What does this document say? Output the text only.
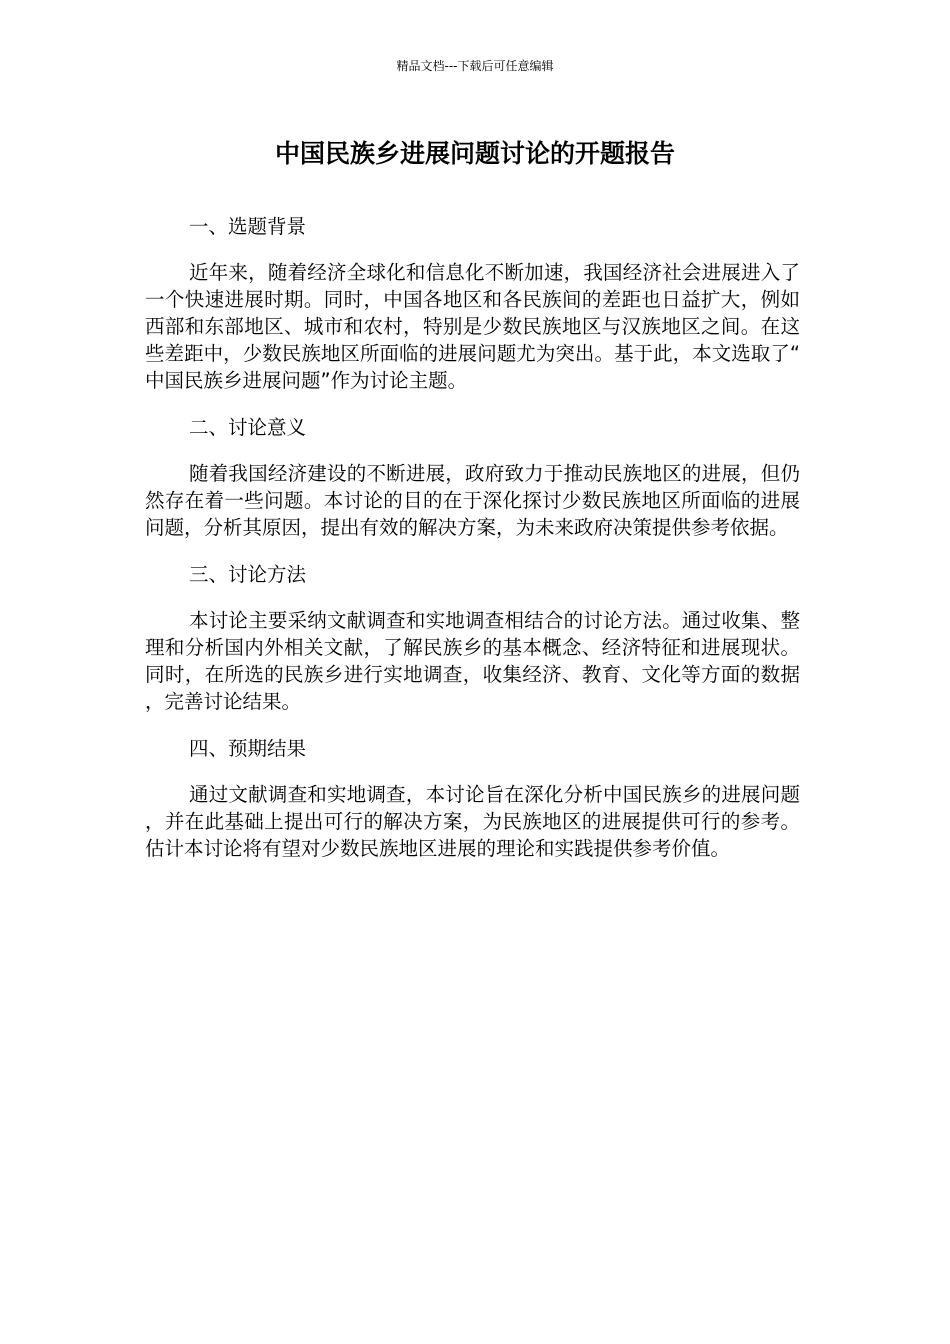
精品文档---下载后可任意编辑
中国民族乡进展问题讨论的开题报告
一、选题背景

近年来，随着经济全球化和信息化不断加速，我国经济社会进展进入了一个快速进展时期。同时，中国各地区和各民族间的差距也日益扩大，例如西部和东部地区、城市和农村，特别是少数民族地区与汉族地区之间。在这些差距中，少数民族地区所面临的进展问题尤为突出。基于此，本文选取了“中国民族乡进展问题”作为讨论主题。

二、讨论意义

随着我国经济建设的不断进展，政府致力于推动民族地区的进展，但仍然存在着一些问题。本讨论的目的在于深化探讨少数民族地区所面临的进展问题，分析其原因，提出有效的解决方案，为未来政府决策提供参考依据。

三、讨论方法

本讨论主要采纳文献调查和实地调查相结合的讨论方法。通过收集、整理和分析国内外相关文献，了解民族乡的基本概念、经济特征和进展现状。同时，在所选的民族乡进行实地调查，收集经济、教育、文化等方面的数据，完善讨论结果。

四、预期结果

通过文献调查和实地调查，本讨论旨在深化分析中国民族乡的进展问题，并在此基础上提出可行的解决方案，为民族地区的进展提供可行的参考。估计本讨论将有望对少数民族地区进展的理论和实践提供参考价值。
